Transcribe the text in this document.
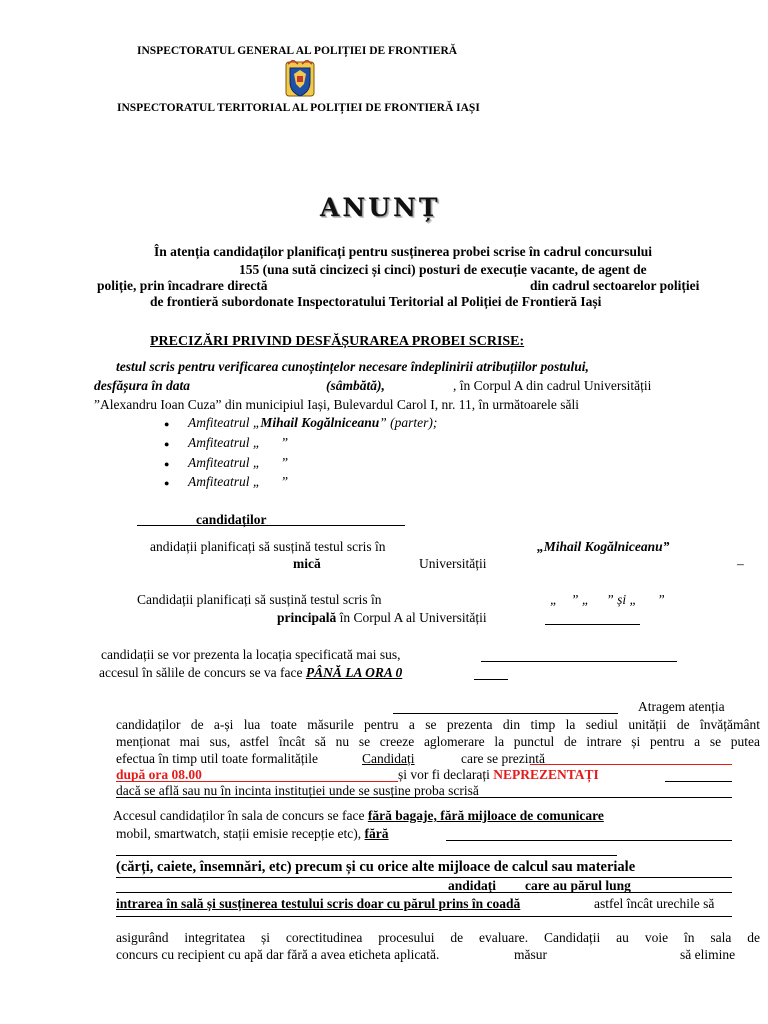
INSPECTORATUL GENERAL AL POLIȚIEI DE FRONTIERĂ
INSPECTORATUL TERITORIAL AL POLIȚIEI DE FRONTIERĂ IAȘI
ANUNȚ
În atenția candidaților planificați pentru susținerea probei scrise în cadrul concursului
155 (una sută cincizeci și cinci) posturi de execuție vacante, de agent de
poliție, prin încadrare directă	din cadrul sectoarelor poliției
de frontieră subordonate Inspectoratului Teritorial al Poliției de Frontieră Iași
PRECIZĂRI PRIVIND DESFĂȘURAREA PROBEI SCRISE:
testul scris pentru verificarea cunoștințelor necesare îndeplinirii atribuțiilor postului,
desfășura în data	(sâmbătă),	, în Corpul A din cadrul Universității
”Alexandru Ioan Cuza” din municipiul Iași, Bulevardul Carol I, nr. 11, în următoarele săli
● Amfiteatrul „Mihail Kogălniceanu” (parter);
● Amfiteatrul „      ”
● Amfiteatrul „      ”
● Amfiteatrul „      ”
candidaților
andidații planificați să susțină testul scris în	„Mihail Kogălniceanu”
mică	Universității	–
Candidații planificați să susțină testul scris în	„    ” „     ” și „      ”
principală în Corpul A al Universității
candidații se vor prezenta la locația specificată mai sus,
accesul în sălile de concurs se va face PÂNĂ LA ORA 0
Atragem atenția
candidaților de a-și lua toate măsurile pentru a se prezenta din timp la sediul unității de învățământ
menționat mai sus, astfel încât să nu se creeze aglomerare la punctul de intrare și pentru a se putea
efectua în timp util toate formalitățile	Candidați	care se prezintă
după ora 08.00	și vor fi declarați NEPREZENTAȚI
dacă se află sau nu în incinta instituției unde se susține proba scrisă
Accesul candidaților în sala de concurs se face fără bagaje, fără mijloace de comunicare
mobil, smartwatch, stații emisie recepție etc), fără
(cărți, caiete, însemnări, etc) precum și cu orice alte mijloace de calcul sau materiale
andidați care au părul lung
intrarea în sală și susținerea testului scris doar cu părul prins în coadă	astfel încât urechile să
asigurând integritatea și corectitudinea procesului de evaluare. Candidații au voie în sala de
concurs cu recipient cu apă dar fără a avea eticheta aplicată.	măsur	să elimine
